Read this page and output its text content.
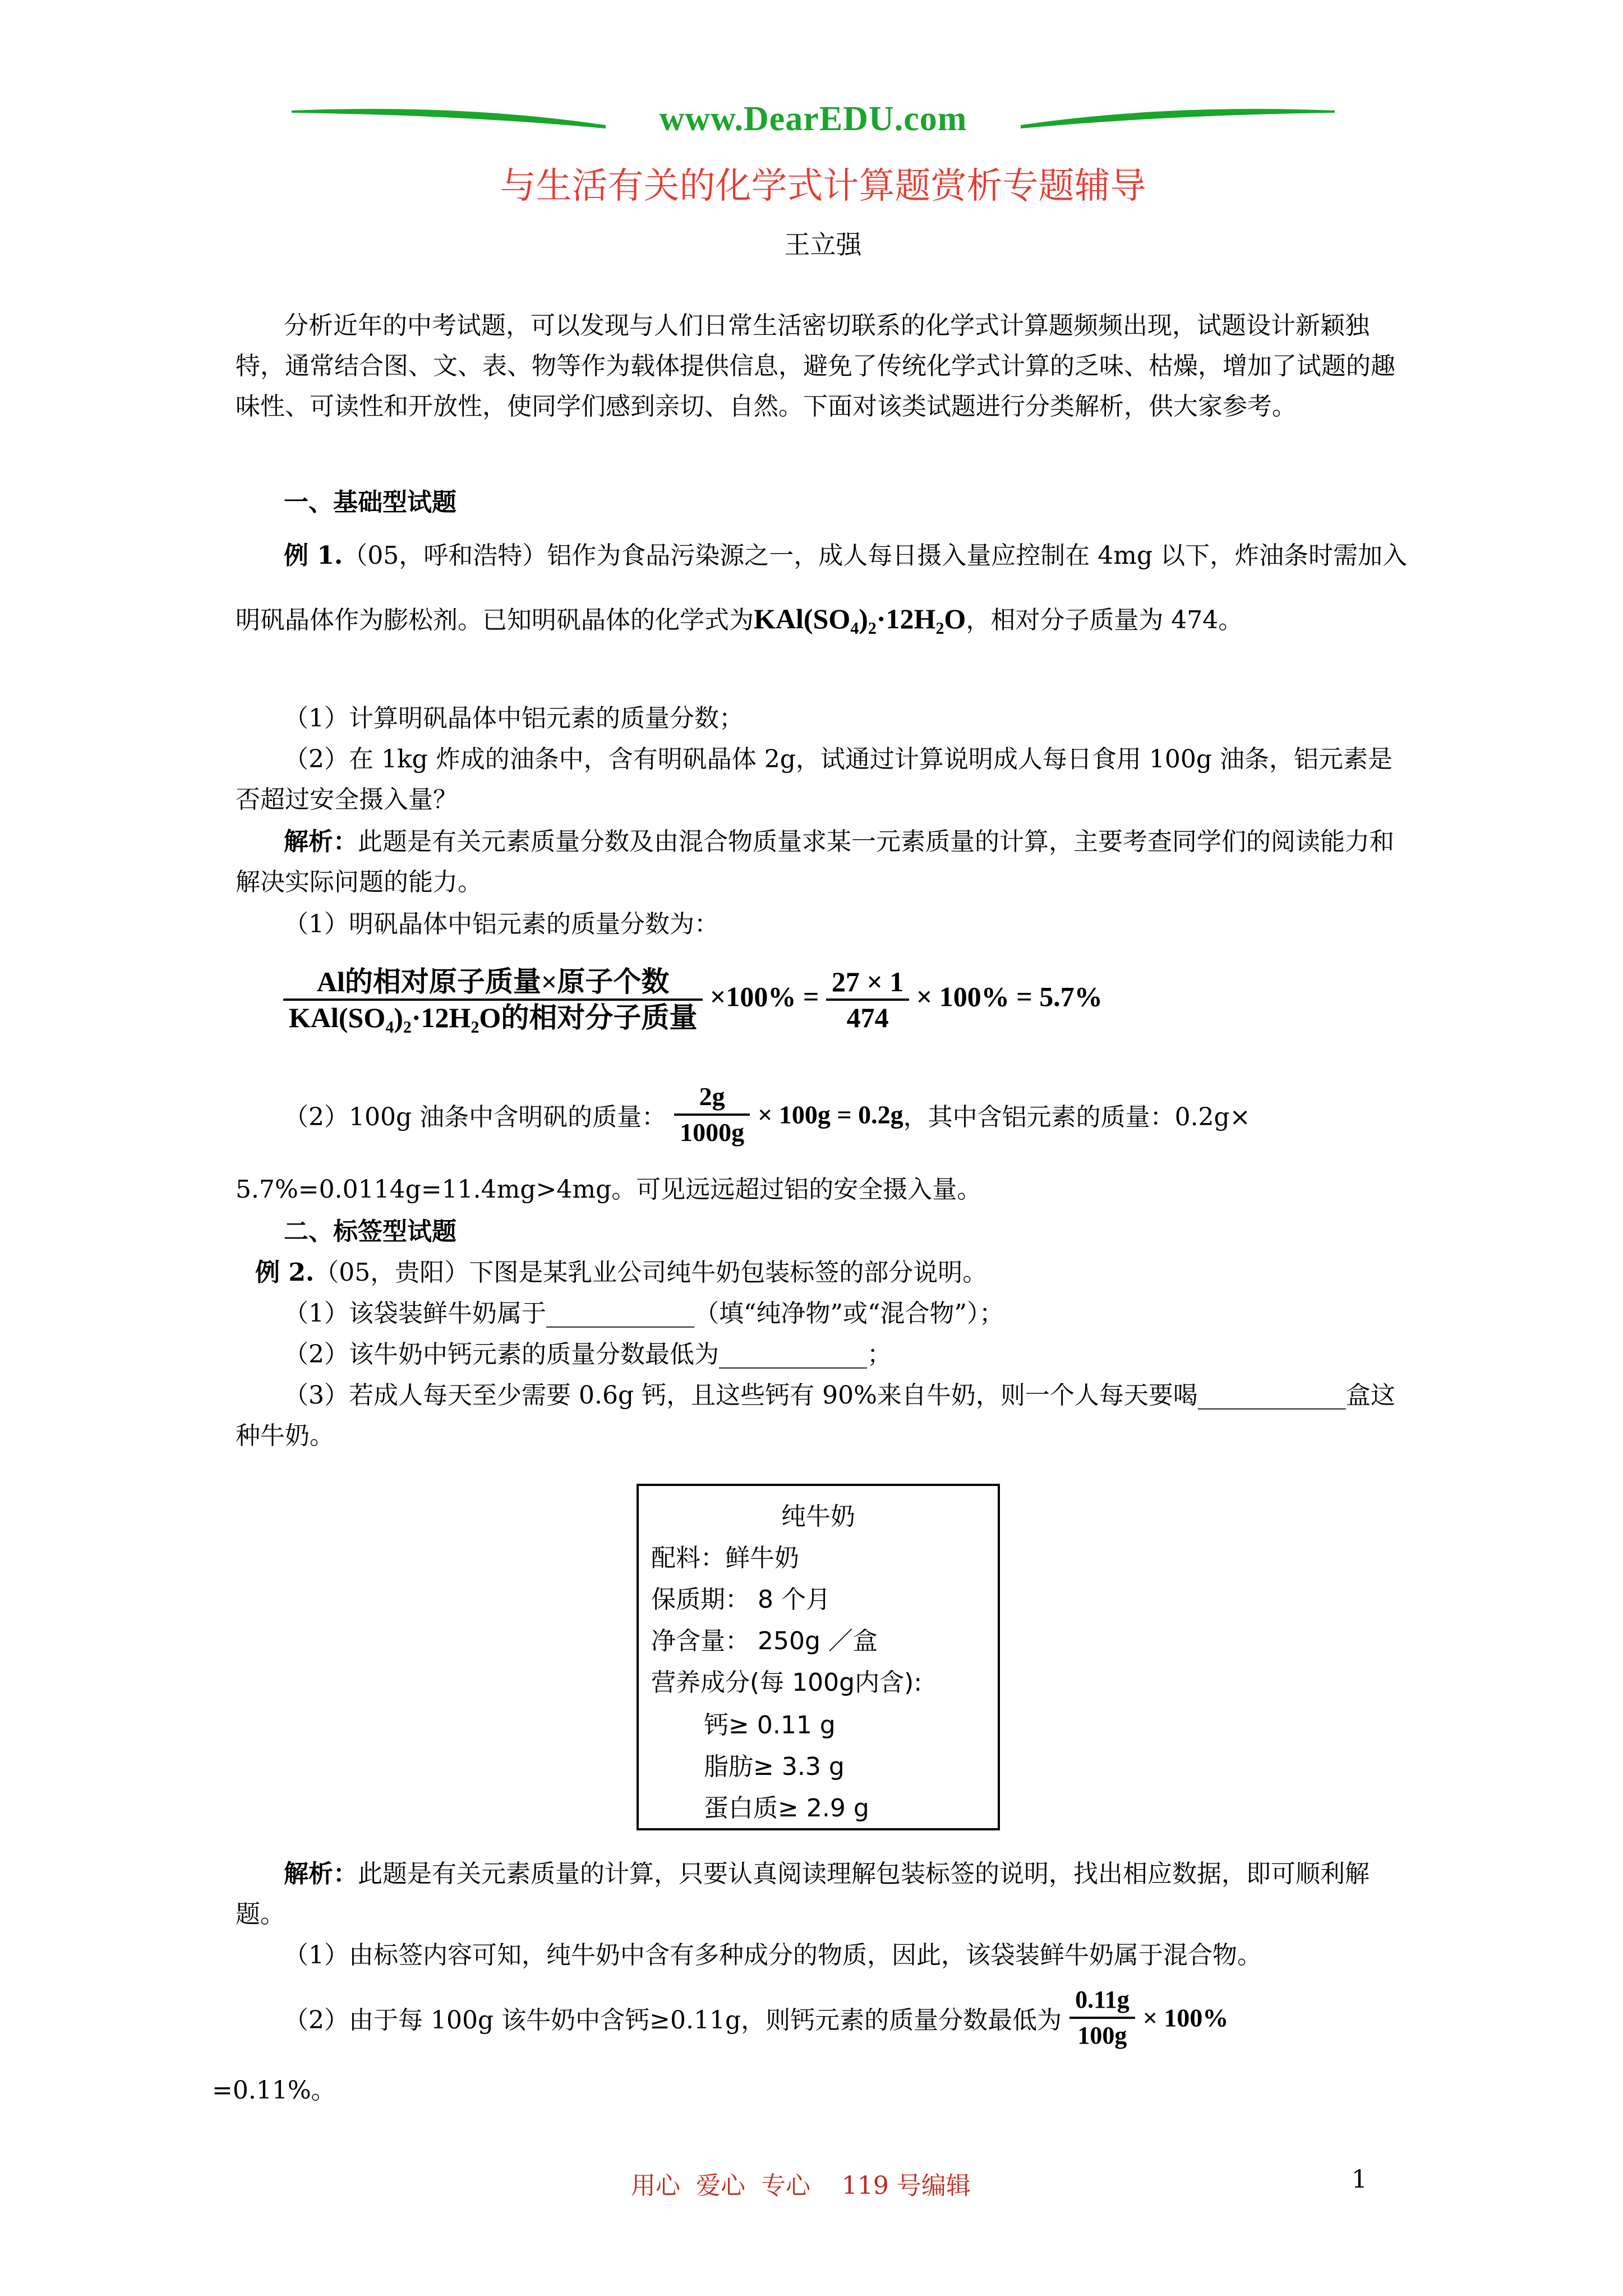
www.DearEDU.com
与生活有关的化学式计算题赏析专题辅导
王立强

分析近年的中考试题，可以发现与人们日常生活密切联系的化学式计算题频频出现，试题设计新颖独特，通常结合图、文、表、物等作为载体提供信息，避免了传统化学式计算的乏味、枯燥，增加了试题的趣味性、可读性和开放性，使同学们感到亲切、自然。下面对该类试题进行分类解析，供大家参考。

一、基础型试题
例 1.（05，呼和浩特）铝作为食品污染源之一，成人每日摄入量应控制在 4mg 以下，炸油条时需加入明矾晶体作为膨松剂。已知明矾晶体的化学式为KAl(SO₄)₂·12H₂O，相对分子质量为 474。
（1）计算明矾晶体中铝元素的质量分数；
（2）在 1kg 炸成的油条中，含有明矾晶体 2g，试通过计算说明成人每日食用 100g 油条，铝元素是否超过安全摄入量？
解析：此题是有关元素质量分数及由混合物质量求某一元素质量的计算，主要考查同学们的阅读能力和解决实际问题的能力。
（1）明矾晶体中铝元素的质量分数为：
$\frac{\text{Al的相对原子质量×原子个数}}{\text{KAl(SO₄)₂·12H₂O的相对分子质量}} \times 100\% = \frac{27 \times 1}{474} \times 100\% = 5.7\%$
（2）100g 油条中含明矾的质量： $\frac{2g}{1000g} \times 100g = 0.2g$，其中含铝元素的质量：0.2g×
5.7%=0.0114g=11.4mg>4mg。可见远远超过铝的安全摄入量。
二、标签型试题
例 2.（05，贵阳）下图是某乳业公司纯牛奶包装标签的部分说明。
（1）该袋装鲜牛奶属于____________（填“纯净物”或“混合物”）；
（2）该牛奶中钙元素的质量分数最低为____________；
（3）若成人每天至少需要 0.6g 钙，且这些钙有 90%来自牛奶，则一个人每天要喝____________盒这种牛奶。
纯牛奶
配料：鲜牛奶
保质期： 8 个月
净含量： 250g ／盒
营养成分(每 100g内含):
钙≥ 0.11 g
脂肪≥ 3.3 g
蛋白质≥ 2.9 g
解析：此题是有关元素质量的计算，只要认真阅读理解包装标签的说明，找出相应数据，即可顺利解题。
（1）由标签内容可知，纯牛奶中含有多种成分的物质，因此，该袋装鲜牛奶属于混合物。
（2）由于每 100g 该牛奶中含钙≥0.11g，则钙元素的质量分数最低为 $\frac{0.11g}{100g} \times 100\%$
=0.11%。
用心  爱心  专心    119 号编辑	1
